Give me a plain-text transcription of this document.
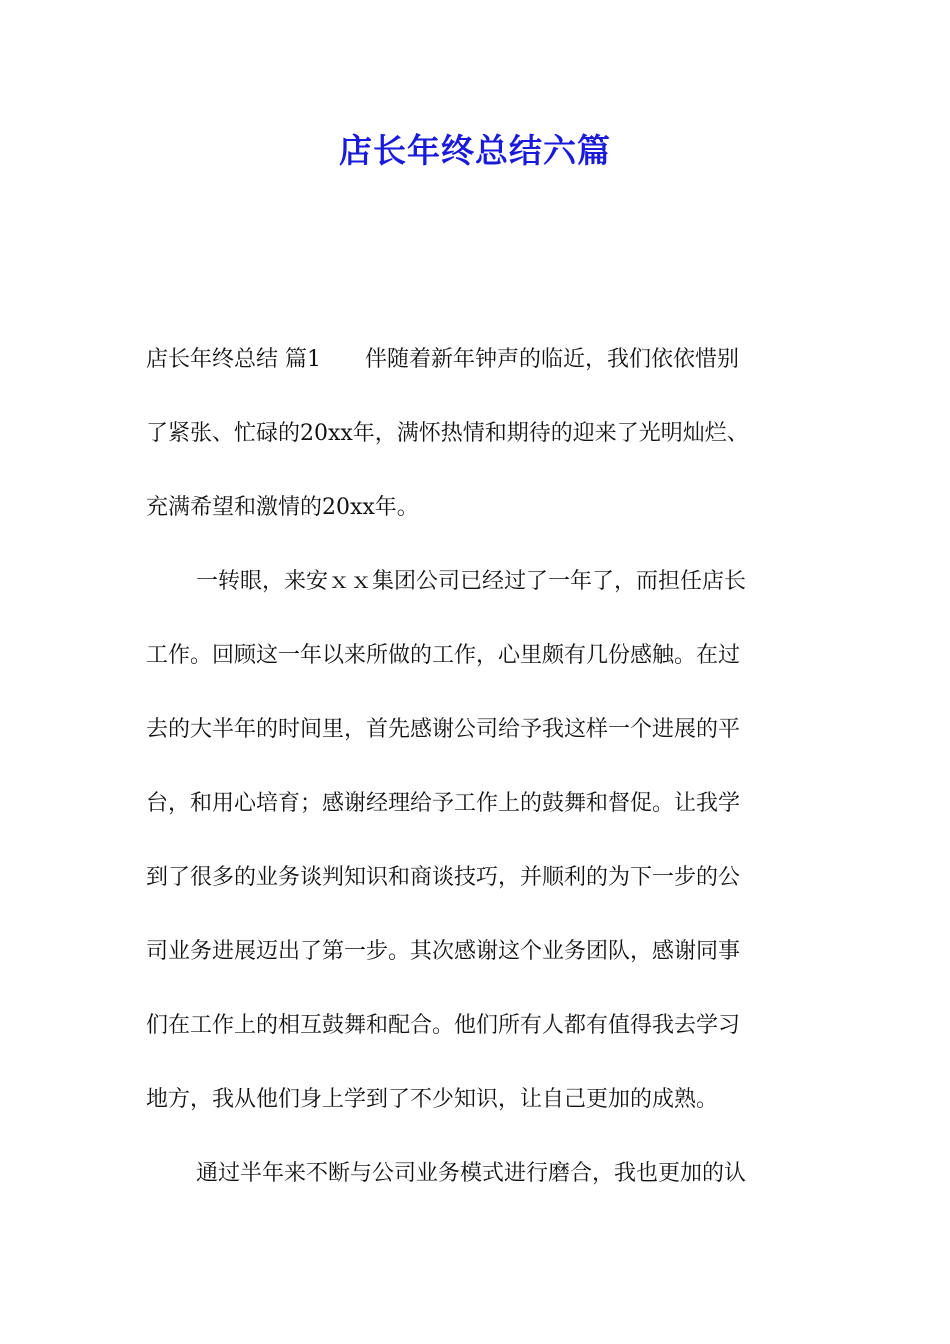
店长年终总结六篇
店长年终总结 篇1　　伴随着新年钟声的临近，我们依依惜别
了紧张、忙碌的20xx年，满怀热情和期待的迎来了光明灿烂、
充满希望和激情的20xx年。
一转眼，来安ｘｘ集团公司已经过了一年了，而担任店长
工作。回顾这一年以来所做的工作，心里颇有几份感触。在过
去的大半年的时间里，首先感谢公司给予我这样一个进展的平
台，和用心培育；感谢经理给予工作上的鼓舞和督促。让我学
到了很多的业务谈判知识和商谈技巧，并顺利的为下一步的公
司业务进展迈出了第一步。其次感谢这个业务团队，感谢同事
们在工作上的相互鼓舞和配合。他们所有人都有值得我去学习
地方，我从他们身上学到了不少知识，让自己更加的成熟。
通过半年来不断与公司业务模式进行磨合，我也更加的认
